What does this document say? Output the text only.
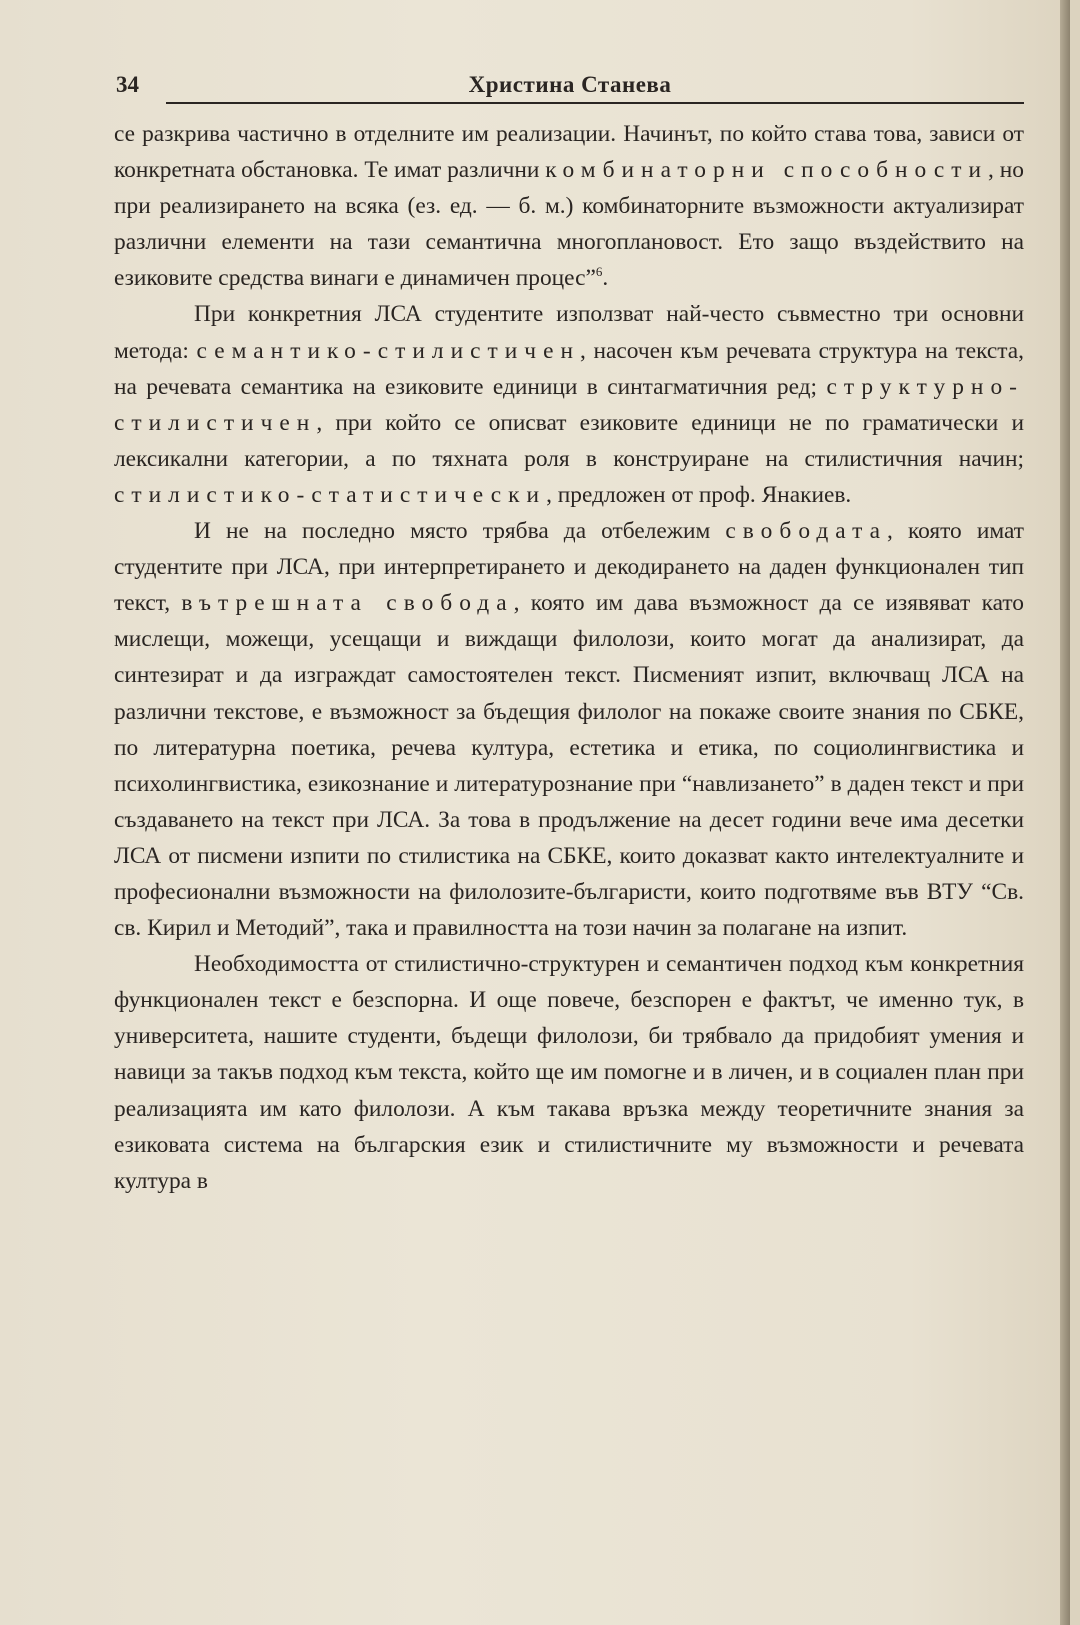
34	Христина Станева

се разкрива частично в отделните им реализации. Начинът, по който става това, зависи от конкретната обстановка. Те имат различни комбинаторни способности, но при реализирането на всяка (ез. ед. — б. м.) комбинаторните възможности актуализират различни елементи на тази семантична многоплановост. Ето защо въздействито на езиковите средства винаги е динамичен процес”$^6$.

При конкретния ЛСА студентите използват най-често съвместно три основни метода: семантико-стилистичен, насочен към речевата структура на текста, на речевата семантика на езиковите единици в синтагматичния ред; структурно-стилистичен, при който се описват езиковите единици не по граматически и лексикални категории, а по тяхната роля в конструиране на стилистичния начин; стилистико-статистически, предложен от проф. Янакиев.

И не на последно място трябва да отбележим свободата, която имат студентите при ЛСА, при интерпретирането и декодирането на даден функционален тип текст, вътрешната свобода, която им дава възможност да се изявяват като мислещи, можещи, усещащи и виждащи филолози, които могат да анализират, да синтезират и да изграждат самостоятелен текст. Писменият изпит, включващ ЛСА на различни текстове, е възможност за бъдещия филолог на покаже своите знания по СБКЕ, по литературна поетика, речева култура, естетика и етика, по социолингвистика и психолингвистика, езикознание и литературознание при “навлизането” в даден текст и при създаването на текст при ЛСА. За това в продължение на десет години вече има десетки ЛСА от писмени изпити по стилистика на СБКЕ, които доказват както интелектуалните и професионални възможности на филолозите-българисти, които подготвяме във ВТУ “Св. св. Кирил и Методий”, така и правилността на този начин за полагане на изпит.

Необходимостта от стилистично-структурен и семантичен подход към конкретния функционален текст е безспорна. И още повече, безспорен е фактът, че именно тук, в университета, нашите студенти, бъдещи филолози, би трябвало да придобият умения и навици за такъв подход към текста, който ще им помогне и в личен, и в социален план при реализацията им като филолози. А към такава връзка между теоретичните знания за езиковата система на българския език и стилистичните му възможности и речевата култура в
